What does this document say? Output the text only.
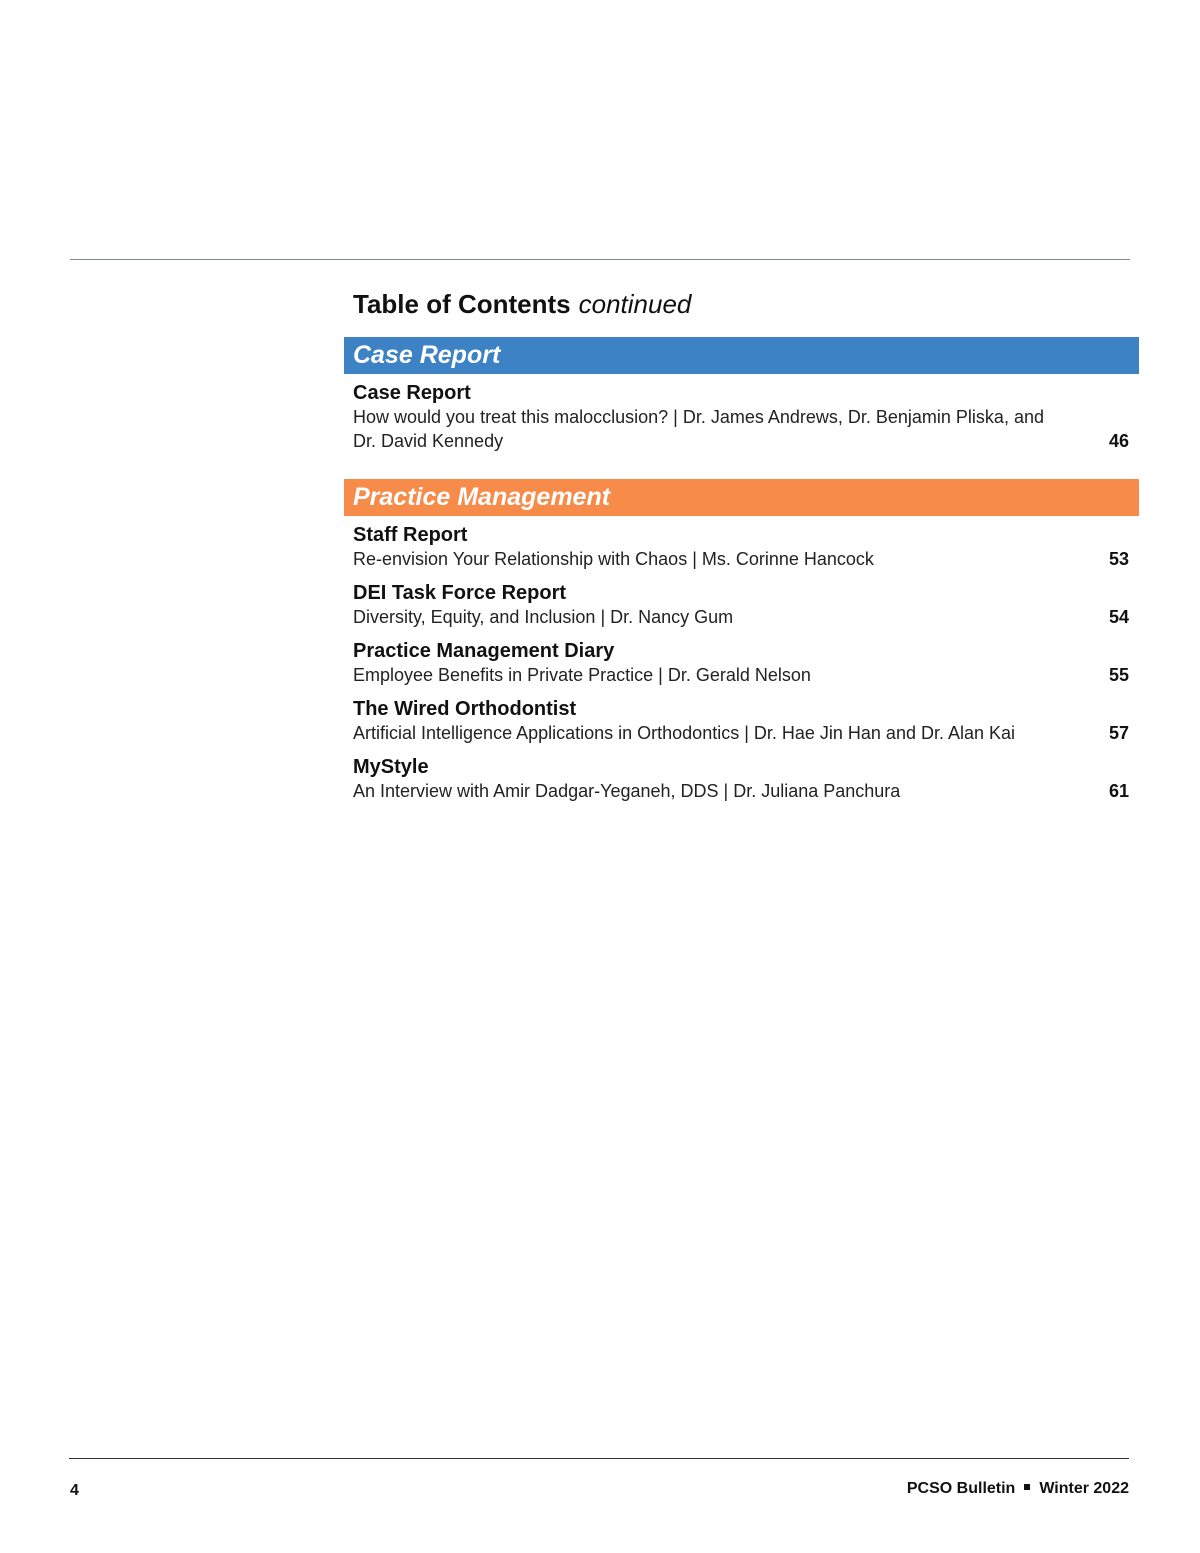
Table of Contents continued
Case Report
Case Report
How would you treat this malocclusion? | Dr. James Andrews, Dr. Benjamin Pliska, and Dr. David Kennedy	46
Practice Management
Staff Report
Re-envision Your Relationship with Chaos | Ms. Corinne Hancock	53
DEI Task Force Report
Diversity, Equity, and Inclusion | Dr. Nancy Gum	54
Practice Management Diary
Employee Benefits in Private Practice | Dr. Gerald Nelson	55
The Wired Orthodontist
Artificial Intelligence Applications in Orthodontics | Dr. Hae Jin Han and Dr. Alan Kai	57
MyStyle
An Interview with Amir Dadgar-Yeganeh, DDS | Dr. Juliana Panchura	61
4	PCSO Bulletin Winter 2022
